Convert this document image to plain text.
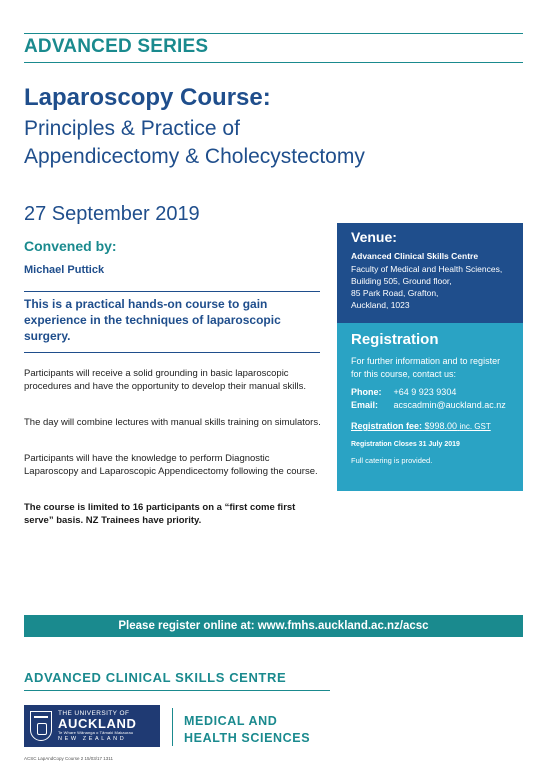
ADVANCED SERIES
Laparoscopy Course:
Principles & Practice of
Appendicectomy & Cholecystectomy
27 September 2019
Convened by:
Michael Puttick
This is a practical hands-on course to gain experience in the techniques of laparoscopic surgery.

Participants will receive a solid grounding in basic laparoscopic procedures and have the opportunity to develop their manual skills.

The day will combine lectures with manual skills training on simulators.

Participants will have the knowledge to perform Diagnostic Laparoscopy and Laparoscopic Appendicectomy following the course.

The course is limited to 16 participants on a “first come first serve” basis. NZ Trainees have priority.

Venue:
Advanced Clinical Skills Centre
Faculty of Medical and Health Sciences,
Building 505, Ground floor,
85 Park Road, Grafton,
Auckland, 1023
Registration
For further information and to register for this course, contact us:
Phone: +64 9 923 9304
Email: acscadmin@auckland.ac.nz
Registration fee: $998.00 inc. GST
Registration Closes 31 July 2019
Full catering is provided.
Please register online at: www.fmhs.auckland.ac.nz/acsc
ADVANCED CLINICAL SKILLS CENTRE
THE UNIVERSITY OF
AUCKLAND
Te Whare Wānanga o Tāmaki Makaurau
NEW ZEALAND
MEDICAL AND
HEALTH SCIENCES
ACSC LapAndCopy Course 2 15/03/17 1311
